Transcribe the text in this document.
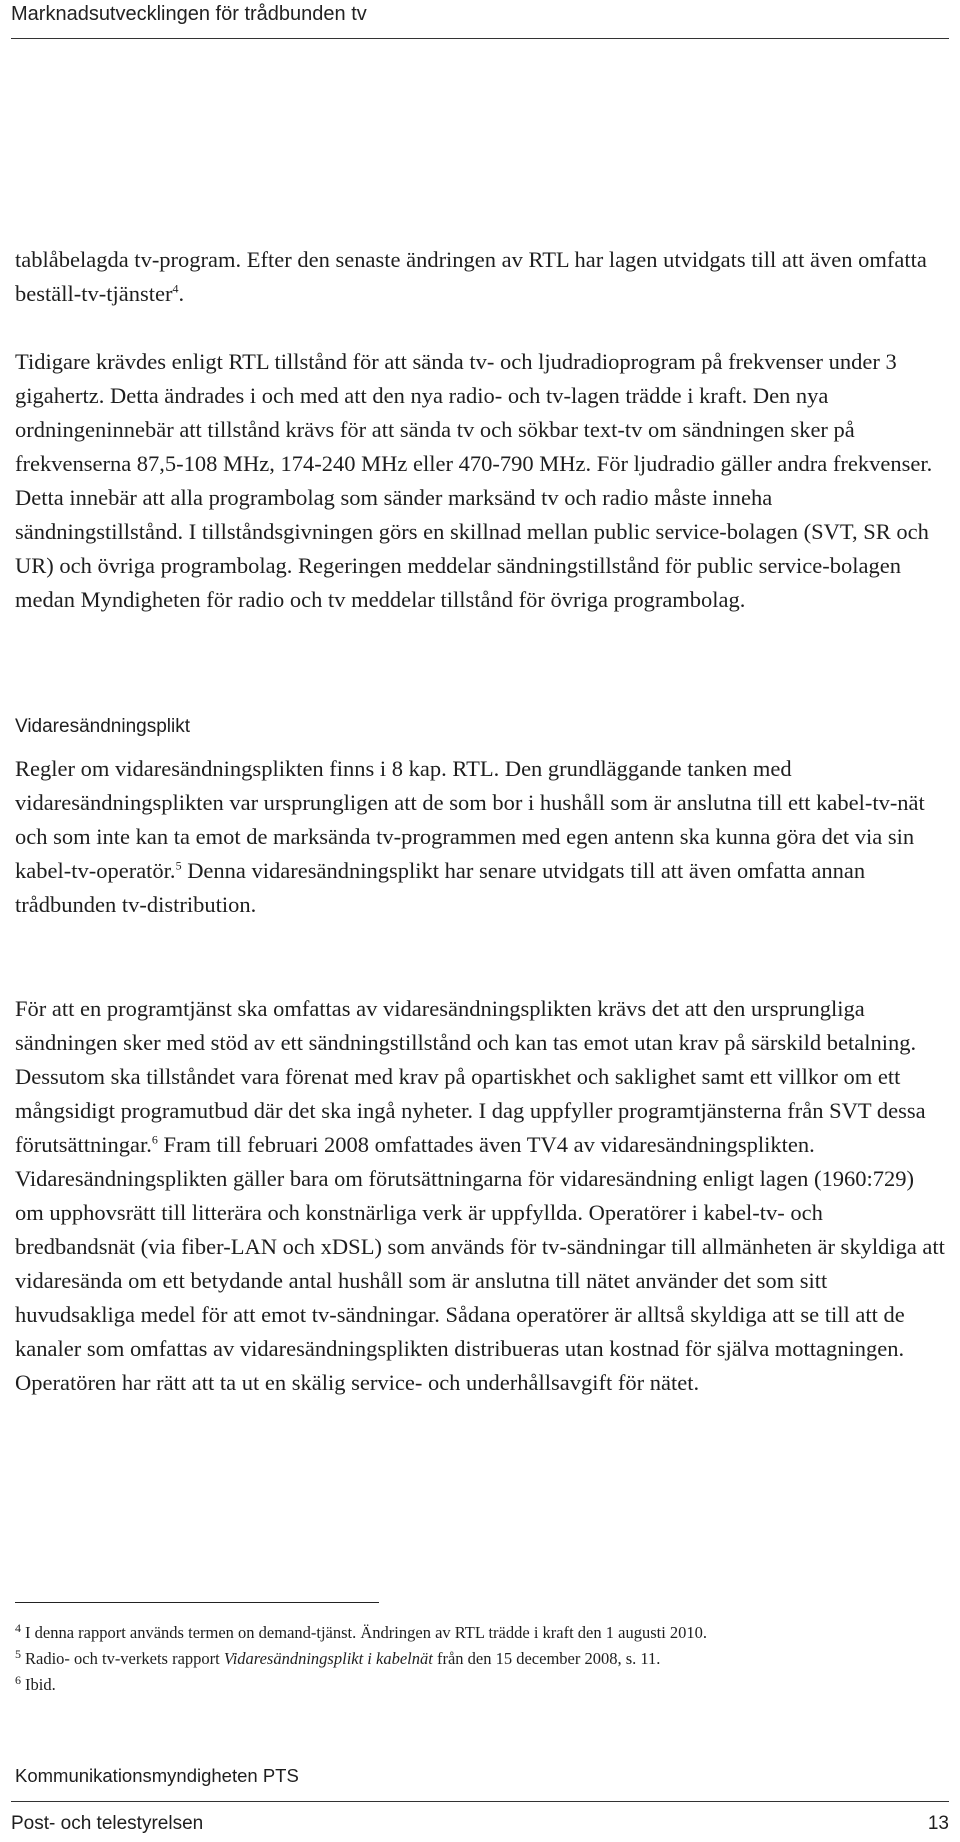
Marknadsutvecklingen för trådbunden tv

tablåbelagda tv-program. Efter den senaste ändringen av RTL har lagen utvidgats till att även omfatta beställ-tv-tjänster$^4$.

Tidigare krävdes enligt RTL tillstånd för att sända tv- och ljudradioprogram på frekvenser under 3 gigahertz. Detta ändrades i och med att den nya radio- och tv-lagen trädde i kraft. Den nya ordningeninnebär att tillstånd krävs för att sända tv och sökbar text-tv om sändningen sker på frekvenserna 87,5-108 MHz, 174-240 MHz eller 470-790 MHz. För ljudradio gäller andra frekvenser. Detta innebär att alla programbolag som sänder marksänd tv och radio måste inneha sändningstillstånd. I tillståndsgivningen görs en skillnad mellan public service-bolagen (SVT, SR och UR) och övriga programbolag. Regeringen meddelar sändningstillstånd för public service-bolagen medan Myndigheten för radio och tv meddelar tillstånd för övriga programbolag.

Vidaresändningsplikt

Regler om vidaresändningsplikten finns i 8 kap. RTL. Den grundläggande tanken med vidaresändningsplikten var ursprungligen att de som bor i hushåll som är anslutna till ett kabel-tv-nät och som inte kan ta emot de marksända tv-programmen med egen antenn ska kunna göra det via sin kabel-tv-operatör.$^5$ Denna vidaresändningsplikt har senare utvidgats till att även omfatta annan trådbunden tv-distribution.

För att en programtjänst ska omfattas av vidaresändningsplikten krävs det att den ursprungliga sändningen sker med stöd av ett sändningstillstånd och kan tas emot utan krav på särskild betalning. Dessutom ska tillståndet vara förenat med krav på opartiskhet och saklighet samt ett villkor om ett mångsidigt programutbud där det ska ingå nyheter. I dag uppfyller programtjänsterna från SVT dessa förutsättningar.$^6$ Fram till februari 2008 omfattades även TV4 av vidaresändningsplikten. Vidaresändningsplikten gäller bara om förutsättningarna för vidaresändning enligt lagen (1960:729) om upphovsrätt till litterära och konstnärliga verk är uppfyllda. Operatörer i kabel-tv- och bredbandsnät (via fiber-LAN och xDSL) som används för tv-sändningar till allmänheten är skyldiga att vidaresända om ett betydande antal hushåll som är anslutna till nätet använder det som sitt huvudsakliga medel för att emot tv-sändningar. Sådana operatörer är alltså skyldiga att se till att de kanaler som omfattas av vidaresändningsplikten distribueras utan kostnad för själva mottagningen. Operatören har rätt att ta ut en skälig service- och underhållsavgift för nätet.

$^4$ I denna rapport används termen on demand-tjänst. Ändringen av RTL trädde i kraft den 1 augusti 2010.

$^5$ Radio- och tv-verkets rapport Vidaresändningsplikt i kabelnät från den 15 december 2008, s. 11.

$^6$ Ibid.

Kommunikationsmyndigheten PTS
Post- och telestyrelsen	13
